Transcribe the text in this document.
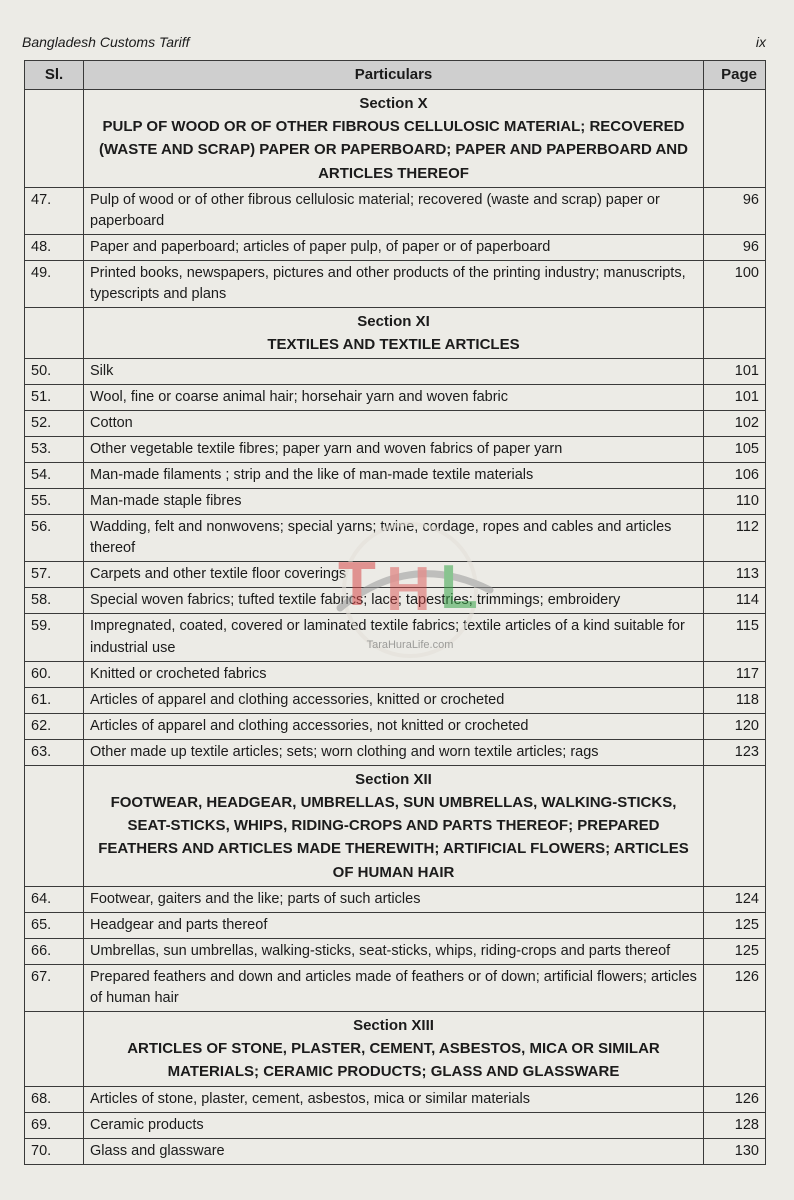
Bangladesh Customs Tariff	ix
Sl.	Particulars	Page

	Section X
PULP OF WOOD OR OF OTHER FIBROUS CELLULOSIC MATERIAL; RECOVERED (WASTE AND SCRAP) PAPER OR PAPERBOARD; PAPER AND PAPERBOARD AND ARTICLES THEREOF	

47.	Pulp of wood or of other fibrous cellulosic material; recovered (waste and scrap) paper or paperboard	96
48.	Paper and paperboard; articles of paper pulp, of paper or of paperboard	96
49.	Printed books, newspapers, pictures and other products of the printing industry; manuscripts, typescripts and plans	100

	Section XI
TEXTILES AND TEXTILE ARTICLES	

50.	Silk	101
51.	Wool, fine or coarse animal hair; horsehair yarn and woven fabric	101
52.	Cotton	102
53.	Other vegetable textile fibres; paper yarn and woven fabrics of paper yarn	105
54.	Man-made filaments ; strip and the like of man-made textile materials	106
55.	Man-made staple fibres	110
56.	Wadding, felt and nonwovens; special yarns; twine, cordage, ropes and cables and articles thereof	112
57.	Carpets and other textile floor coverings	113
58.	Special woven fabrics; tufted textile fabrics; lace; tapestries; trimmings; embroidery	114
59.	Impregnated, coated, covered or laminated textile fabrics; textile articles of a kind suitable for industrial use	115
60.	Knitted or crocheted fabrics	117
61.	Articles of apparel and clothing accessories, knitted or crocheted	118
62.	Articles of apparel and clothing accessories, not knitted or crocheted	120
63.	Other made up textile articles; sets; worn clothing and worn textile articles; rags	123

	Section XII
FOOTWEAR, HEADGEAR, UMBRELLAS, SUN UMBRELLAS, WALKING-STICKS, SEAT-STICKS, WHIPS, RIDING-CROPS AND PARTS THEREOF; PREPARED FEATHERS AND ARTICLES MADE THEREWITH; ARTIFICIAL FLOWERS; ARTICLES OF HUMAN HAIR	

64.	Footwear, gaiters and the like; parts of such articles	124
65.	Headgear and parts thereof	125
66.	Umbrellas, sun umbrellas, walking-sticks, seat-sticks, whips, riding-crops and parts thereof	125
67.	Prepared feathers and down and articles made of feathers or of down; artificial flowers; articles of human hair	126

	Section XIII
ARTICLES OF STONE, PLASTER, CEMENT, ASBESTOS, MICA OR SIMILAR MATERIALS; CERAMIC PRODUCTS; GLASS AND GLASSWARE	

68.	Articles of stone, plaster, cement, asbestos, mica or similar materials	126
69.	Ceramic products	128
70.	Glass and glassware	130
T H L
TaraHuraLife.com
